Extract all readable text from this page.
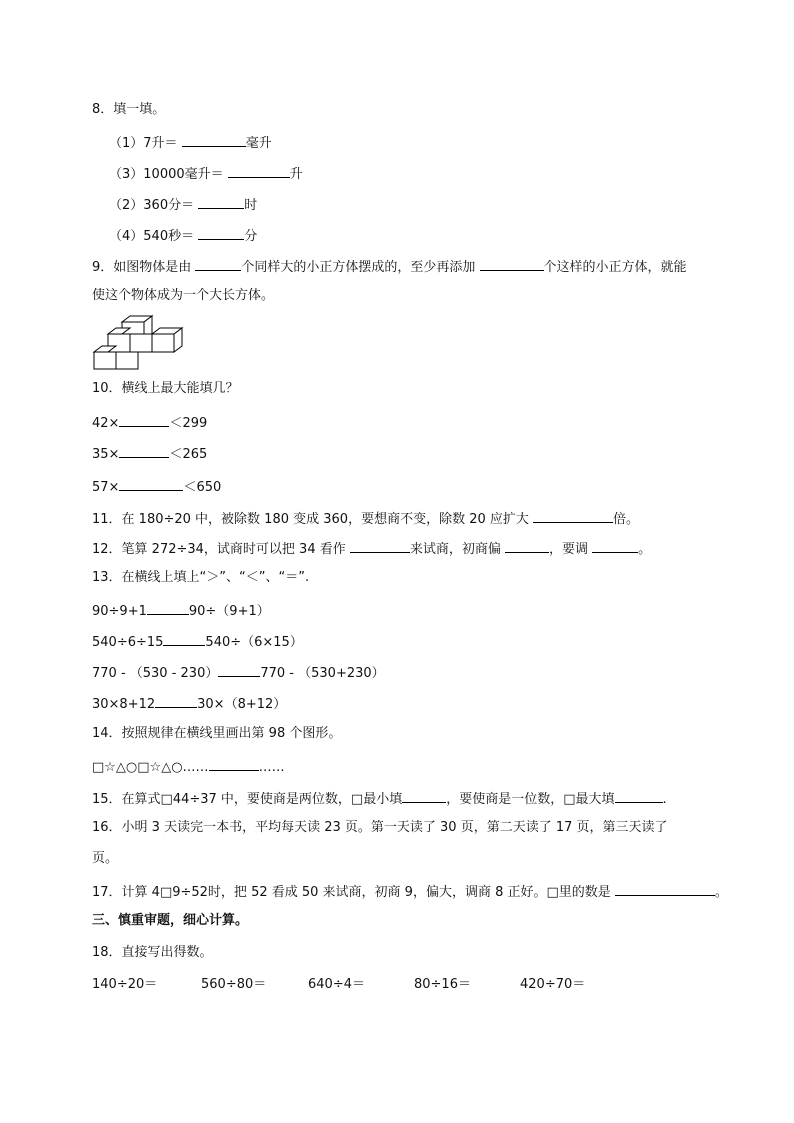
8．填一填。
（1）7升＝	毫升
（3）10000毫升＝	升
（2）360分＝	时
（4）540秒＝	分
9．如图物体是由	个同样大的小正方体摆成的，至少再添加	个这样的小正方体，就能
使这个物体成为一个大长方体。
10．横线上最大能填几？
42×	＜299
35×	＜265
57×	＜650
11．在 180÷20 中，被除数 180 变成 360，要想商不变，除数 20 应扩大	倍。
12．笔算 272÷34，试商时可以把 34 看作	来试商，初商偏	，要调	。
13．在横线上填上“＞”、“＜”、“＝”.
90÷9+1	90÷（9+1）
540÷6÷15	540÷（6×15）
770 - （530 - 230）	770 - （530+230）
30×8+12	30×（8+12）
14．按照规律在横线里画出第 98 个图形。
□☆△○□☆△○……	……
15．在算式□44÷37 中，要使商是两位数，□最小填	，要使商是一位数，□最大填	.
16．小明 3 天读完一本书，平均每天读 23 页。第一天读了 30 页，第二天读了 17 页，第三天读了
页。
17．计算 4□9÷52时，把 52 看成 50 来试商，初商 9，偏大，调商 8 正好。□里的数是	。
三、慎重审题，细心计算。
18．直接写出得数。
140÷20＝	560÷80＝	640÷4＝	80÷16＝	420÷70＝
